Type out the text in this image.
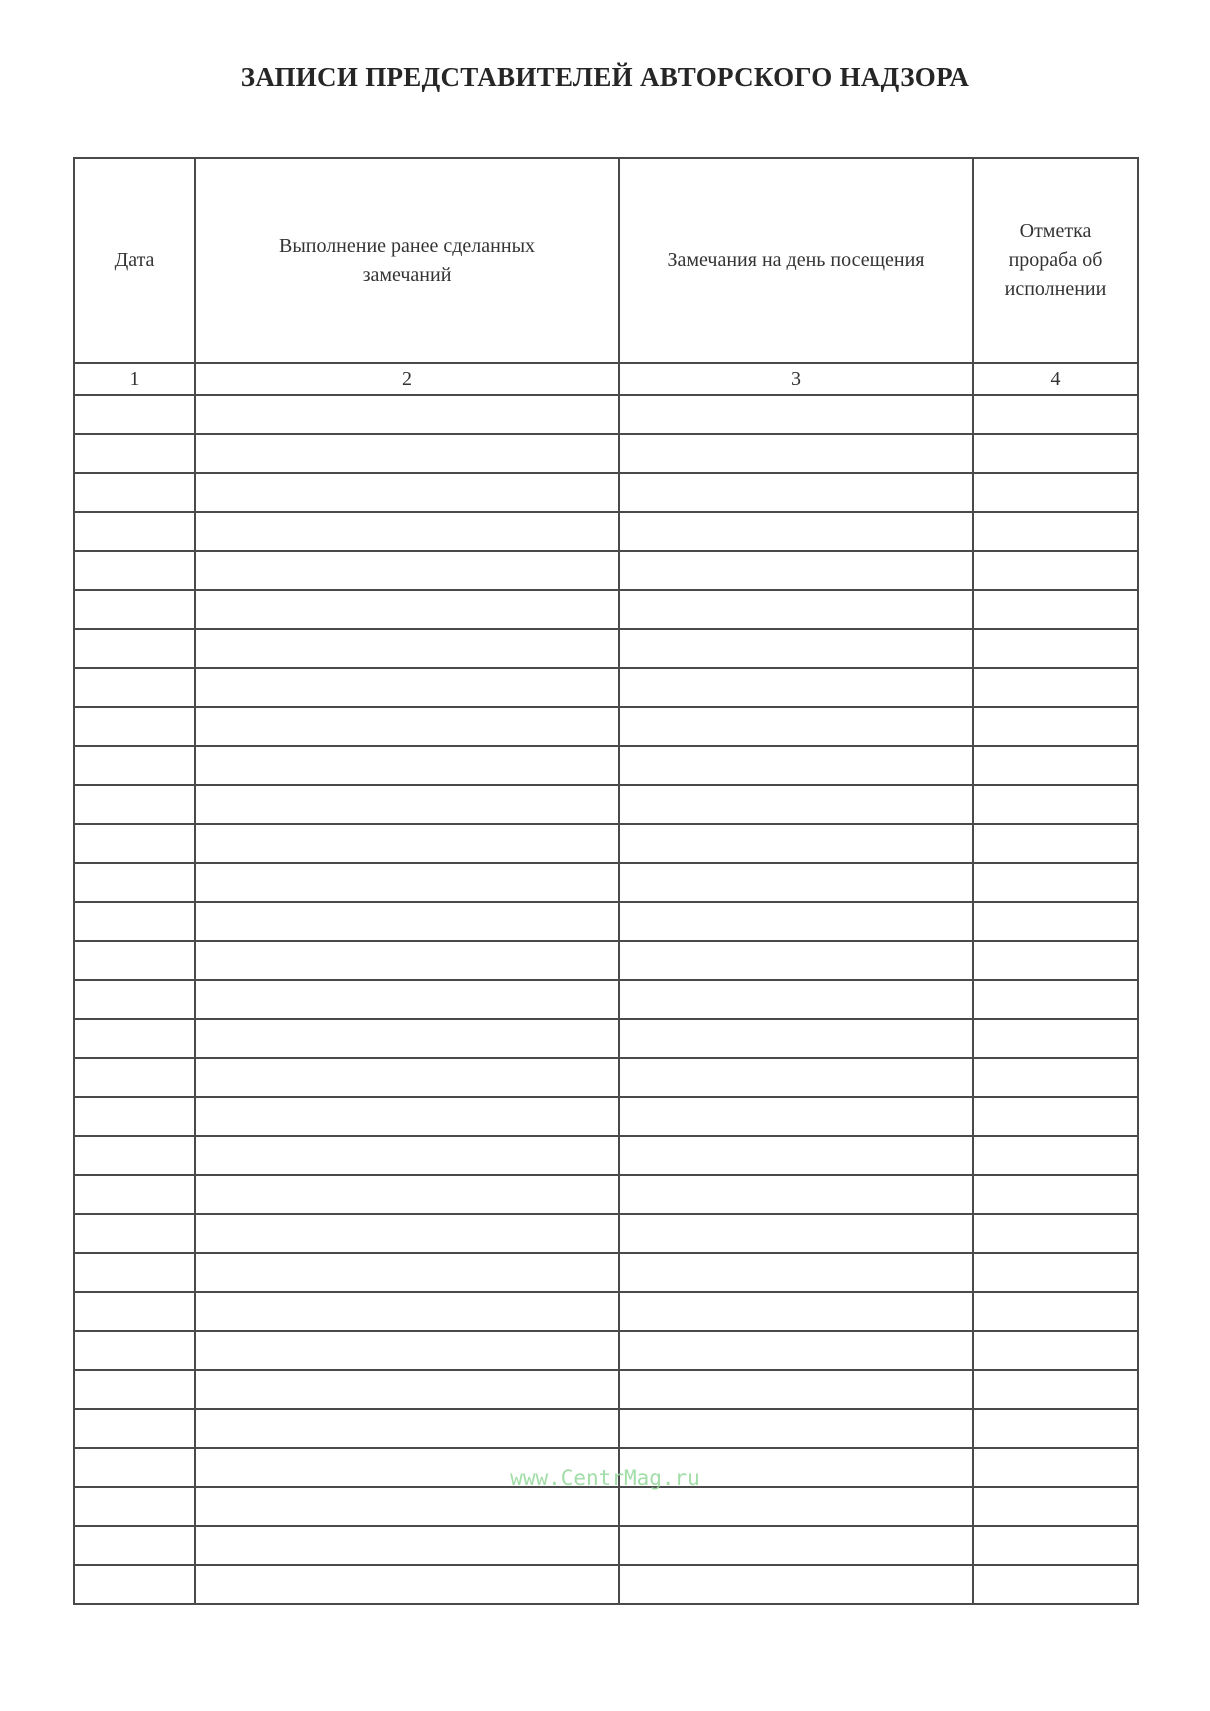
ЗАПИСИ ПРЕДСТАВИТЕЛЕЙ АВТОРСКОГО НАДЗОРА
Дата	Выполнение ранее сделанных замечаний	Замечания на день посещения	Отметка прораба об исполнении
1	2	3	4

www.CentrMag.ru
